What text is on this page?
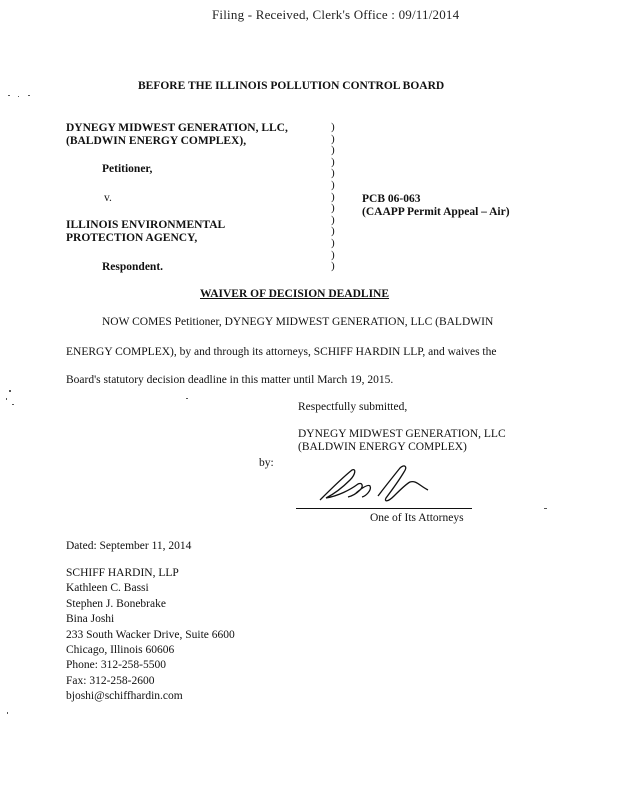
Filing - Received, Clerk's Office : 09/11/2014
BEFORE THE ILLINOIS POLLUTION CONTROL BOARD
DYNEGY MIDWEST GENERATION, LLC,
(BALDWIN ENERGY COMPLEX),
Petitioner,
v.
ILLINOIS ENVIRONMENTAL
PROTECTION AGENCY,
Respondent.
)
)
)
)
)
)
)
)
)
)
)
)
)
PCB 06-063
(CAAPP Permit Appeal – Air)
WAIVER OF DECISION DEADLINE
NOW COMES Petitioner, DYNEGY MIDWEST GENERATION, LLC (BALDWIN
ENERGY COMPLEX), by and through its attorneys, SCHIFF HARDIN LLP, and waives the
Board's statutory decision deadline in this matter until March 19, 2015.
Respectfully submitted,
DYNEGY MIDWEST GENERATION, LLC
(BALDWIN ENERGY COMPLEX)
by:
One of Its Attorneys
Dated: September 11, 2014
SCHIFF HARDIN, LLP
Kathleen C. Bassi
Stephen J. Bonebrake
Bina Joshi
233 South Wacker Drive, Suite 6600
Chicago, Illinois 60606
Phone: 312-258-5500
Fax: 312-258-2600
bjoshi@schiffhardin.com
